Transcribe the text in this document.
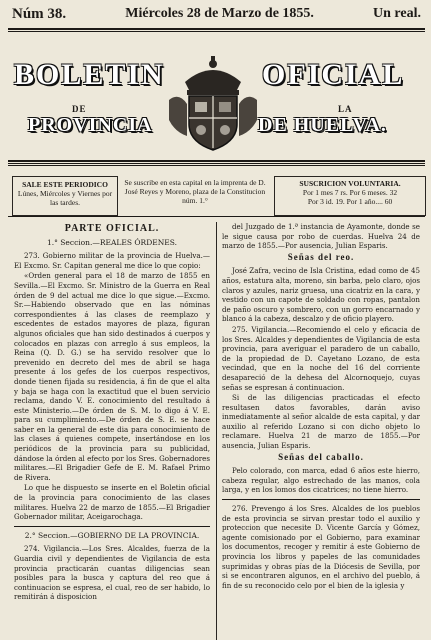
Núm 38.	Miércoles 28 de Marzo de 1855.	Un real.
BOLETIN	OFICIAL
DE	LA
PROVINCIA	DE HUELVA.
SALE ESTE PERIODICO
Lúnes, Miércoles y Viernes por las tardes.
Se suscribe en esta capital en la imprenta de D. José Reyes y Moreno, plaza de la Constitucion núm. 1.°
SUSCRICION VOLUNTARIA.
Por 1 mes 7 rs. Por 6 meses. 32
Por 3 id. 19. Por 1 año.... 60
PARTE OFICIAL.
1.° Seccion.—REALES ÓRDENES.

273. Gobierno militar de la provincia de Huelva.—El Excmo. Sr. Capitan general me dice lo que copio:

«Orden general para el 18 de marzo de 1855 en Sevilla.—El Excmo. Sr. Ministro de la Guerra en Real órden de 9 del actual me dice lo que sigue.—Excmo. Sr.—Habiendo observado que en las nóminas correspondientes á las clases de reemplazo y escedentes de estados mayores de plaza, figuran algunos oficiales que han sido destinados á cuerpos y colocados en plazas con arreglo á sus empleos, la Reina (Q. D. G.) se ha servido resolver que lo prevenido en decreto del mes de abril se haga presente á los gefes de los cuerpos respectivos, donde tienen fijada su residencia, á fin de que el alta y baja se haga con la exactitud que el buen servicio reclama, dando V. E. conocimiento del resultado á este Ministerio.—De órden de S. M. lo digo á V. E. para su cumplimiento.—De órden de S. E. se hace saber en la general de este dia para conocimiento de las clases á quienes compete, insertándose en los periódicos de la provincia para su publicidad, dándose la órden al efecto por los Sres. Gobernadores militares.—El Brigadier Gefe de E. M. Rafael Primo de Rivera.

Lo que he dispuesto se inserte en el Boletin oficial de la provincia para conocimiento de las clases militares. Huelva 22 de marzo de 1855.—El Brigadier Gobernador militar, Aceigarochaga.

2.° Seccion.—GOBIERNO DE LA PROVINCIA.

274. Vigilancia.—Los Sres. Alcaldes, fuerza de la Guardia civil y dependientes de Vigilancia de esta provincia practicarán cuantas diligencias sean posibles para la busca y captura del reo que á continuacion se espresa, el cual, reo de ser habido, lo remitirán á disposicion

del Juzgado de 1.ª instancia de Ayamonte, donde se le sigue causa por robo de cuerdas. Huelva 24 de marzo de 1855.—Por ausencia, Julian Esparis.

Señas del reo.

José Zafra, vecino de Isla Cristina, edad como de 45 años, estatura alta, moreno, sin barba, pelo claro, ojos claros y azules, nariz gruesa, una cicatriz en la cara, y vestido con un capote de soldado con ropas, pantalon de paño oscuro y sombrero, con un gorro encarnado y blanco á la cabeza, descalzo y de oficio playero.

275. Vigilancia.—Recomiendo el celo y eficacia de los Sres. Alcaldes y dependientes de Vigilancia de esta provincia, para averiguar el paradero de un caballo, de la propiedad de D. Cayetano Lozano, de esta vecindad, que en la noche del 16 del corriente desapareció de la dehesa del Alcornoquejo, cuyas señas se espresan á continuacion.

Si de las diligencias practicadas el efecto resultasen datos favorables, darán aviso inmediatamente al señor alcalde de esta capital, y dar auxilio al referido Lozano si con dicho objeto lo reclamare. Huelva 21 de marzo de 1855.—Por ausencia, Julian Esparis.

Señas del caballo.

Pelo colorado, con marca, edad 6 años este hierro, cabeza regular, algo estrechado de las manos, cola larga, y en los lomos dos cicatrices; no tiene hierro.

276. Prevengo á los Sres. Alcaldes de los pueblos de esta provincia se sirvan prestar todo el auxilio y proteccion que necesite D. Vicente García y Gómez, agente comisionado por el Gobierno, para examinar los documentos, recoger y remitir á este Gobierno de provincia los libros y papeles de las comunidades suprimidas y obras pías de la Diócesis de Sevilla, por si se encontraren algunos, en el archivo del pueblo, á fin de su reconocido celo por el bien de la iglesia y
